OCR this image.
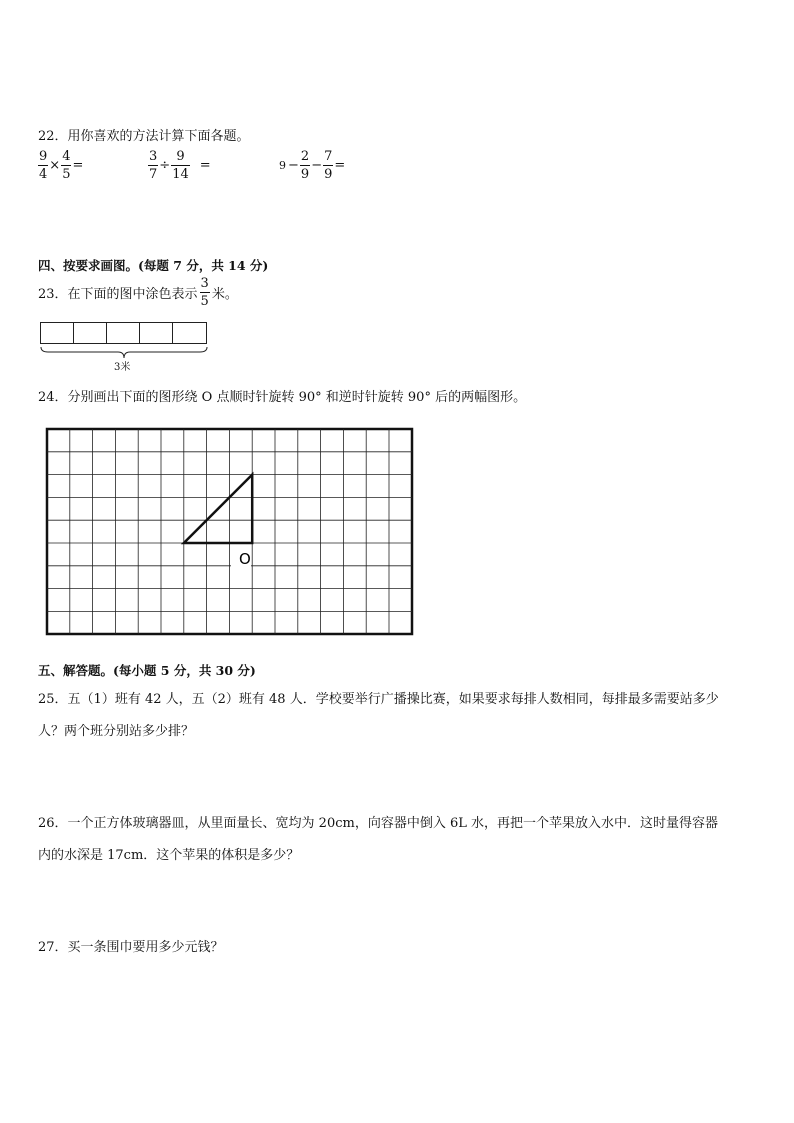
22．用你喜欢的方法计算下面各题。
$\frac{9}{4} \times \frac{4}{5}$ =	$\frac{3}{7} \div \frac{9}{14}$ =	$9 - \frac{2}{9} - \frac{7}{9}$ =
四、按要求画图。(每题 7 分，共 14 分)
23．在下面的图中涂色表示 $\frac{3}{5}$ 米。
3米
24．分别画出下面的图形绕 O 点顺时针旋转 90° 和逆时针旋转 90° 后的两幅图形。
O
五、解答题。(每小题 5 分，共 30 分)
25．五（1）班有 42 人，五（2）班有 48 人．学校要举行广播操比赛，如果要求每排人数相同，每排最多需要站多少
人？两个班分别站多少排？
26．一个正方体玻璃器皿，从里面量长、宽均为 20cm，向容器中倒入 6L 水，再把一个苹果放入水中．这时量得容器
内的水深是 17cm．这个苹果的体积是多少？
27．买一条围巾要用多少元钱？
